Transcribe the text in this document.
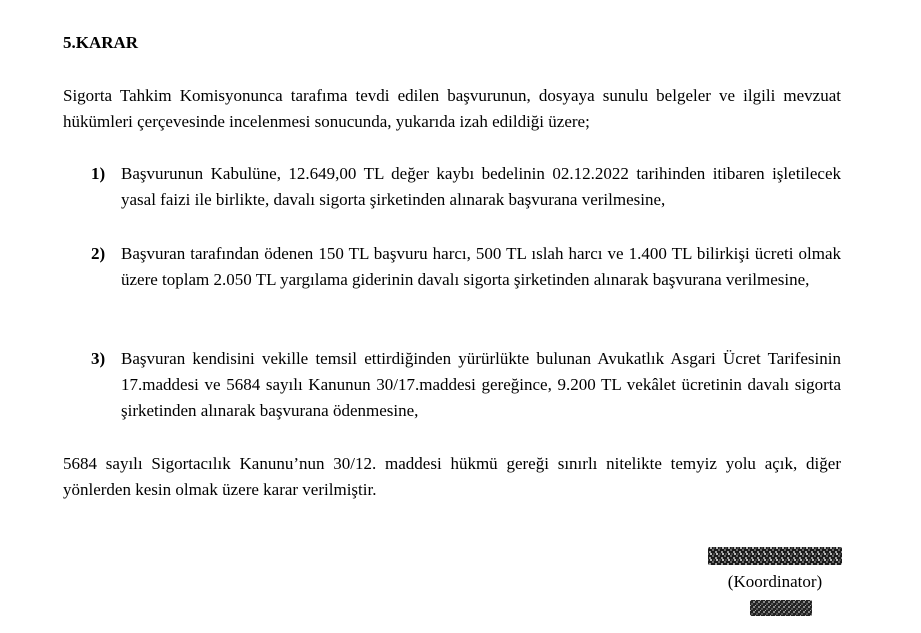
5.KARAR
Sigorta Tahkim Komisyonunca tarafıma tevdi edilen başvurunun, dosyaya sunulu belgeler ve ilgili mevzuat hükümleri çerçevesinde incelenmesi sonucunda, yukarıda izah edildiği üzere;
1) Başvurunun Kabulüne, 12.649,00 TL değer kaybı bedelinin 02.12.2022 tarihinden itibaren işletilecek yasal faizi ile birlikte, davalı sigorta şirketinden alınarak başvurana verilmesine,
2) Başvuran tarafından ödenen 150 TL başvuru harcı, 500 TL ıslah harcı ve 1.400 TL bilirkişi ücreti olmak üzere toplam 2.050 TL yargılama giderinin davalı sigorta şirketinden alınarak başvurana verilmesine,
3) Başvuran kendisini vekille temsil ettirdiğinden yürürlükte bulunan Avukatlık Asgari Ücret Tarifesinin 17.maddesi ve 5684 sayılı Kanunun 30/17.maddesi gereğince, 9.200 TL vekâlet ücretinin davalı sigorta şirketinden alınarak başvurana ödenmesine,
5684 sayılı Sigortacılık Kanunu’nun 30/12. maddesi hükmü gereği sınırlı nitelikte temyiz yolu açık, diğer yönlerden kesin olmak üzere karar verilmiştir.
(Koordinator)
